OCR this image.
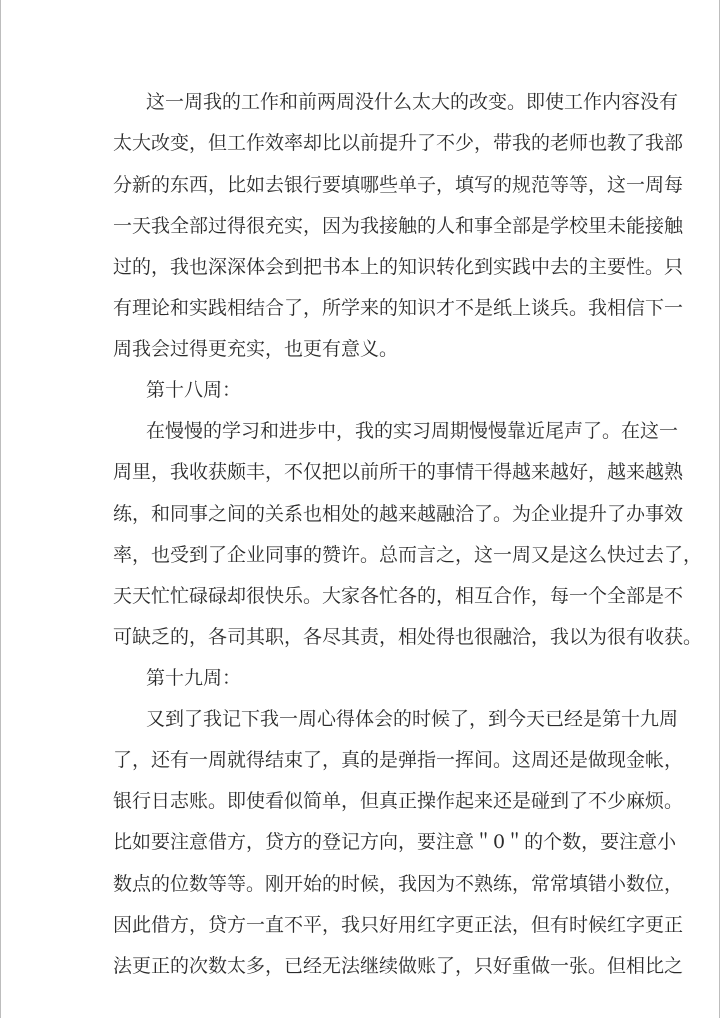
这一周我的工作和前两周没什么太大的改变。即使工作内容没有
太大改变，但工作效率却比以前提升了不少，带我的老师也教了我部
分新的东西，比如去银行要填哪些单子，填写的规范等等，这一周每
一天我全部过得很充实，因为我接触的人和事全部是学校里未能接触
过的，我也深深体会到把书本上的知识转化到实践中去的主要性。只
有理论和实践相结合了，所学来的知识才不是纸上谈兵。我相信下一
周我会过得更充实，也更有意义。
第十八周：
在慢慢的学习和进步中，我的实习周期慢慢靠近尾声了。在这一
周里，我收获颇丰，不仅把以前所干的事情干得越来越好，越来越熟
练，和同事之间的关系也相处的越来越融洽了。为企业提升了办事效
率，也受到了企业同事的赞许。总而言之，这一周又是这么快过去了，
天天忙忙碌碌却很快乐。大家各忙各的，相互合作，每一个全部是不
可缺乏的，各司其职，各尽其责，相处得也很融洽，我以为很有收获。
第十九周：
又到了我记下我一周心得体会的时候了，到今天已经是第十九周
了，还有一周就得结束了，真的是弹指一挥间。这周还是做现金帐，
银行日志账。即使看似简单，但真正操作起来还是碰到了不少麻烦。
比如要注意借方，贷方的登记方向，要注意＂0＂的个数，要注意小
数点的位数等等。刚开始的时候，我因为不熟练，常常填错小数位，
因此借方，贷方一直不平，我只好用红字更正法，但有时候红字更正
法更正的次数太多，已经无法继续做账了，只好重做一张。但相比之
